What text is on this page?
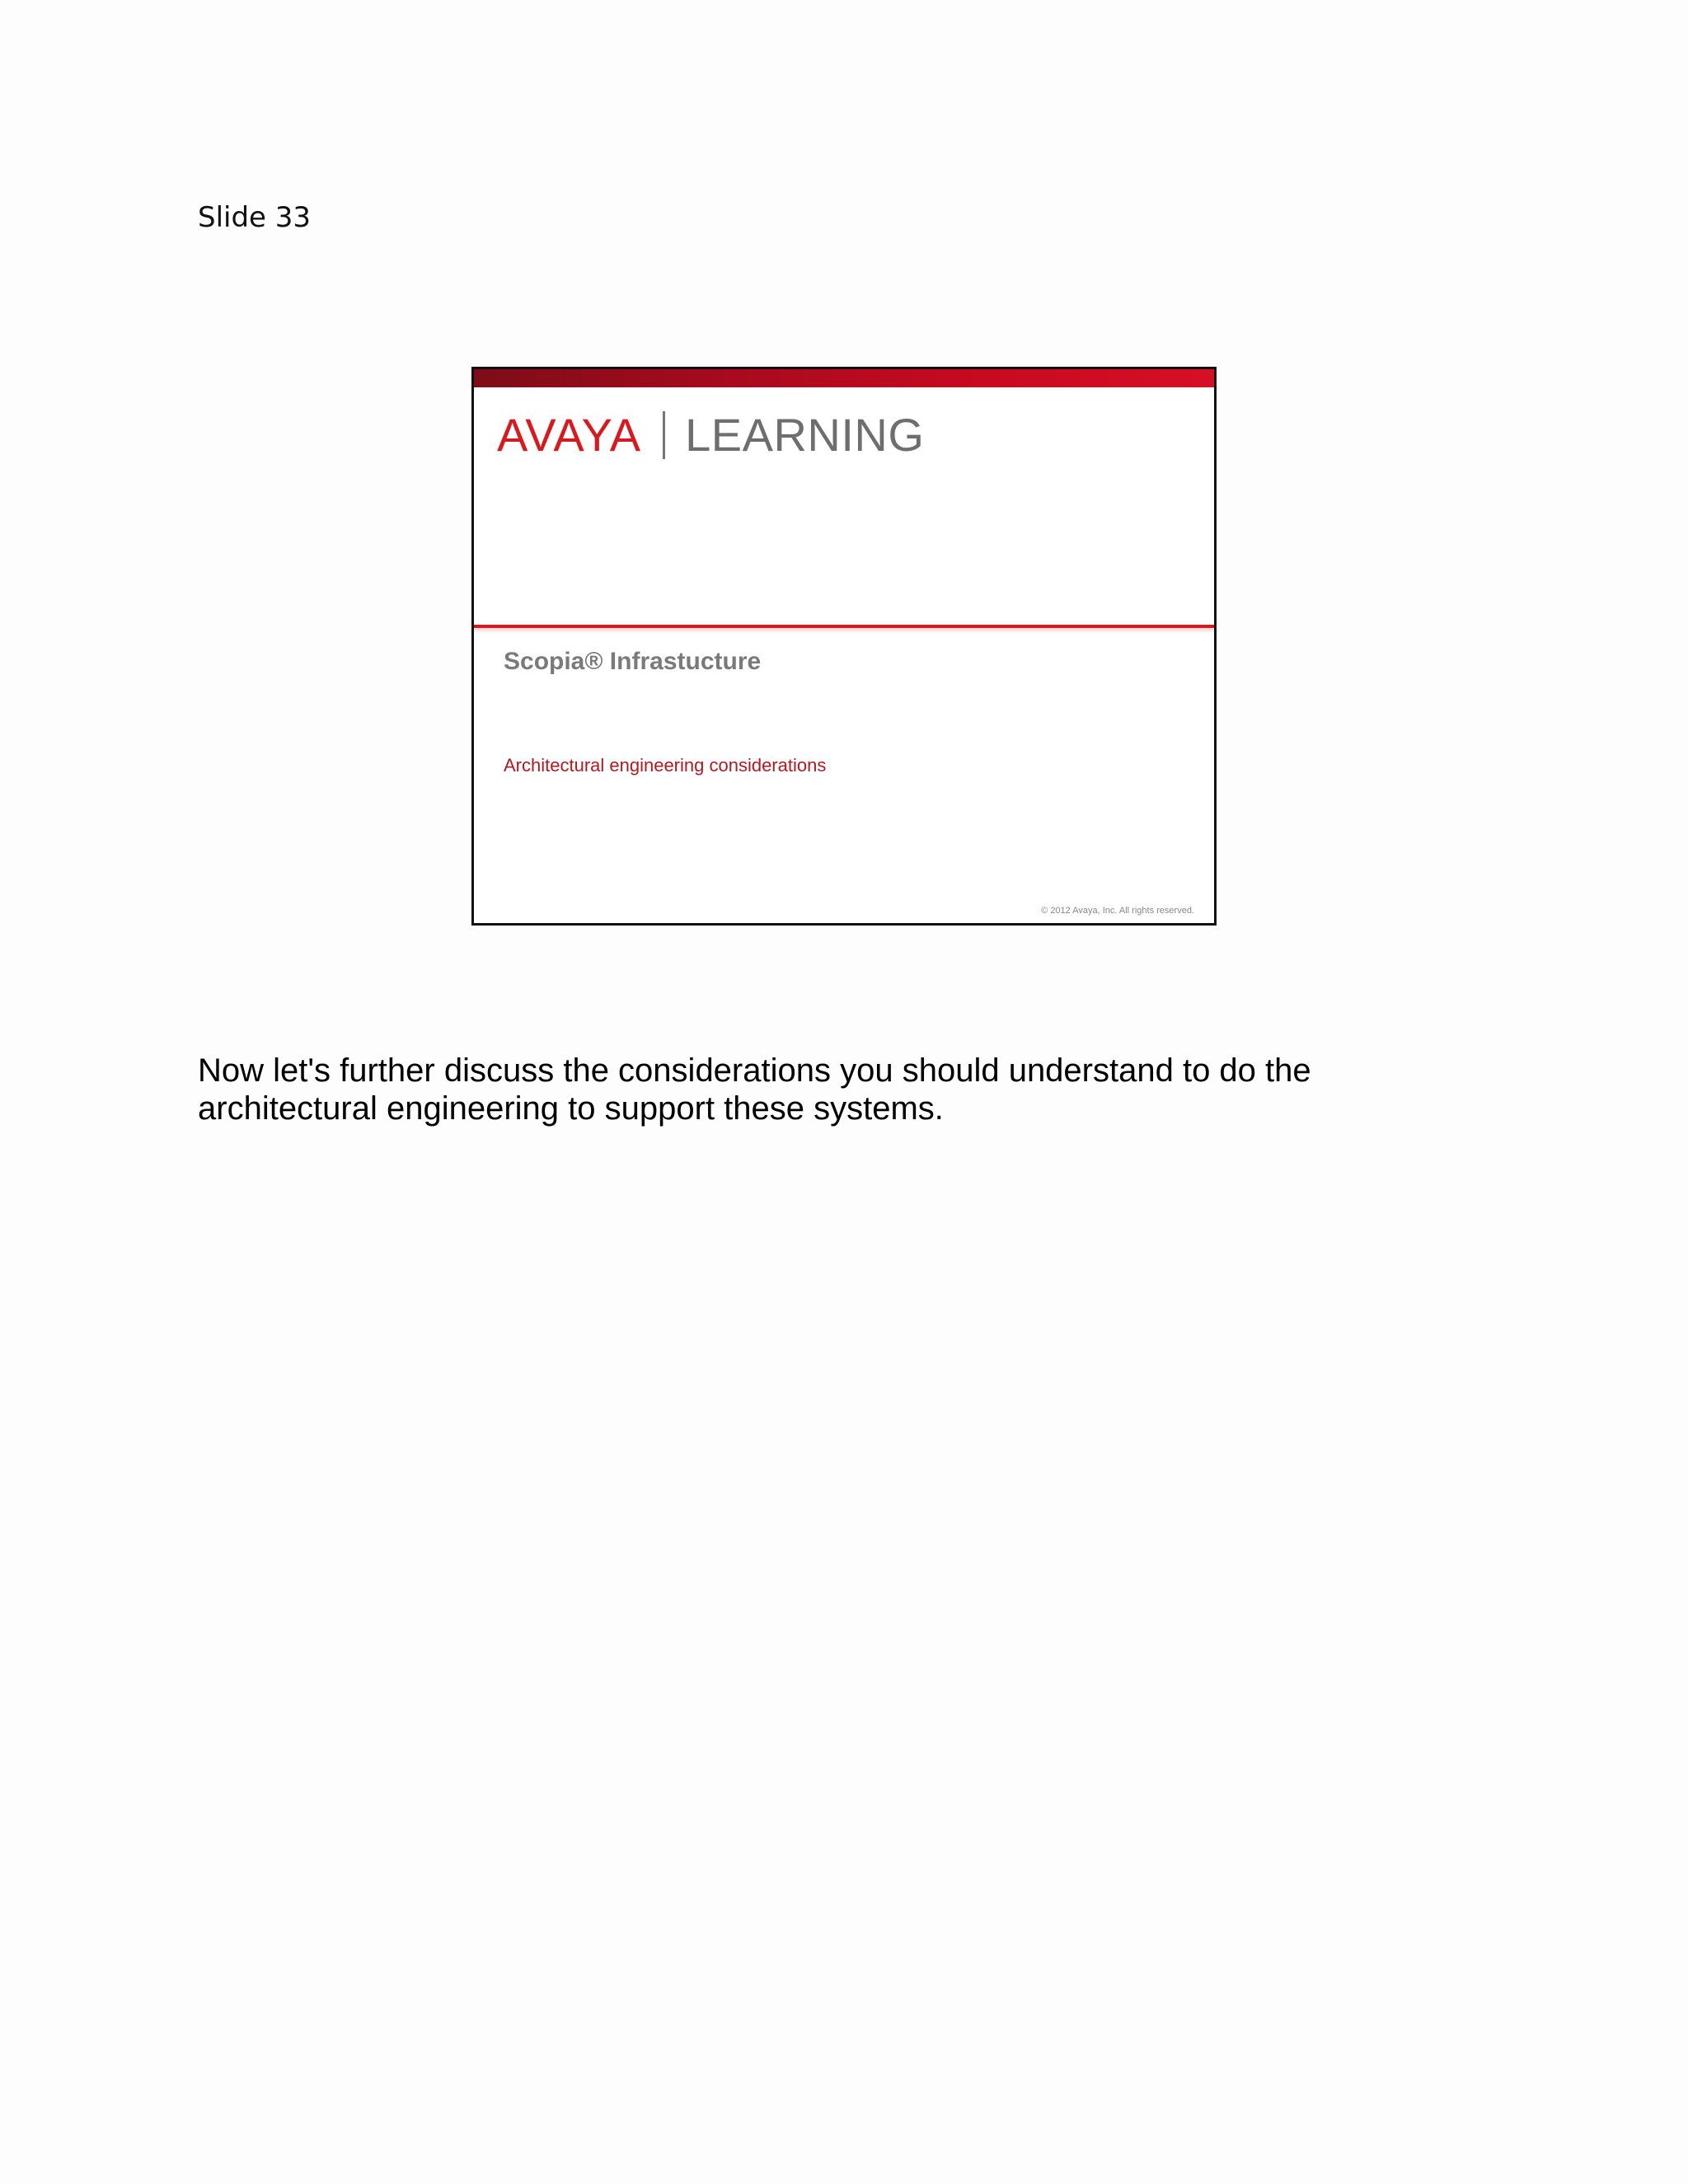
Slide 33
AVAYA LEARNING
Scopia® Infrastucture
Architectural engineering considerations
© 2012 Avaya, Inc. All rights reserved.
Now let's further discuss the considerations you should understand to do the architectural engineering to support these systems.
